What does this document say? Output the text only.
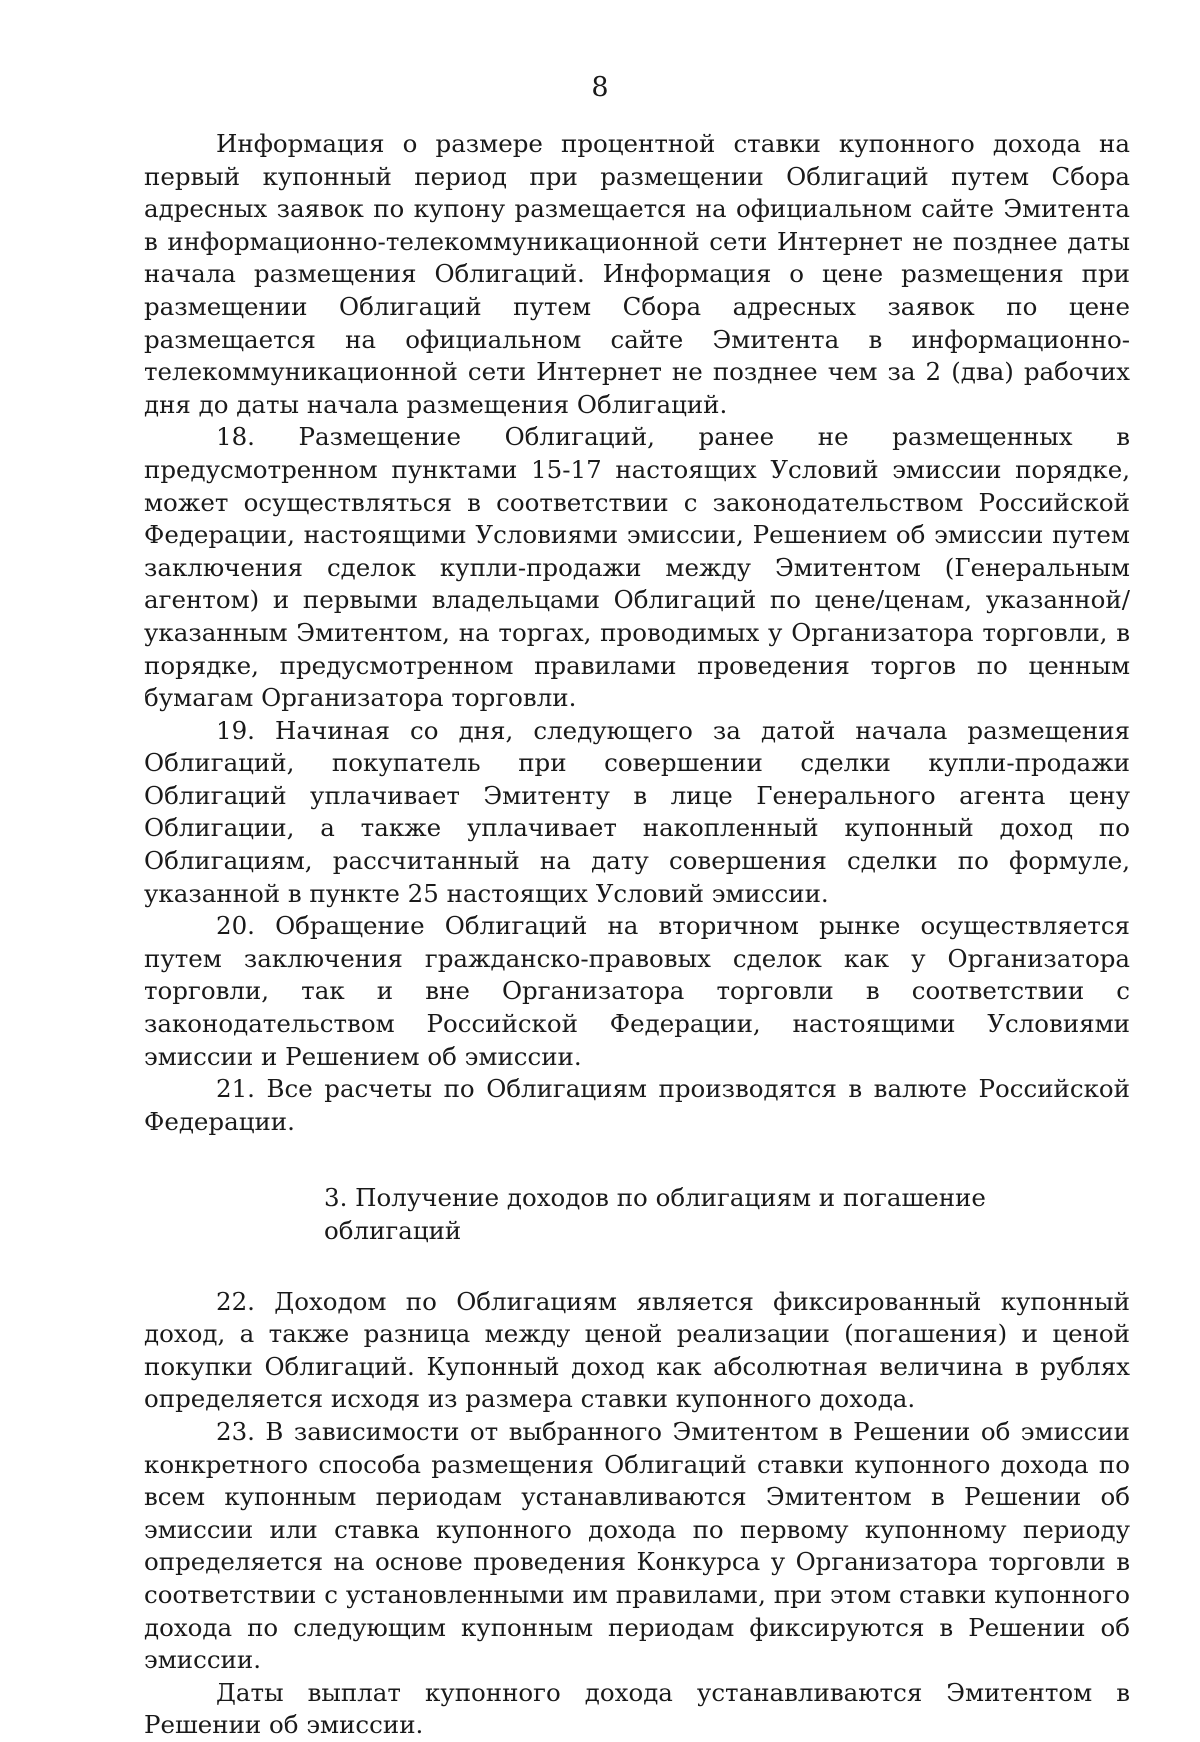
8

Информация о размере процентной ставки купонного дохода на первый купонный период при размещении Облигаций путем Сбора адресных заявок по купону размещается на официальном сайте Эмитента в информационно-телекоммуникационной сети Интернет не позднее даты начала размещения Облигаций. Информация о цене размещения при размещении Облигаций путем Сбора адресных заявок по цене размещается на официальном сайте Эмитента в информационно-телекоммуникационной сети Интернет не позднее чем за 2 (два) рабочих дня до даты начала размещения Облигаций.

18. Размещение Облигаций, ранее не размещенных в предусмотренном пунктами 15-17 настоящих Условий эмиссии порядке, может осуществляться в соответствии с законодательством Российской Федерации, настоящими Условиями эмиссии, Решением об эмиссии путем заключения сделок купли-продажи между Эмитентом (Генеральным агентом) и первыми владельцами Облигаций по цене/ценам, указанной/указанным Эмитентом, на торгах, проводимых у Организатора торговли, в порядке, предусмотренном правилами проведения торгов по ценным бумагам Организатора торговли.

19. Начиная со дня, следующего за датой начала размещения Облигаций, покупатель при совершении сделки купли-продажи Облигаций уплачивает Эмитенту в лице Генерального агента цену Облигации, а также уплачивает накопленный купонный доход по Облигациям, рассчитанный на дату совершения сделки по формуле, указанной в пункте 25 настоящих Условий эмиссии.

20. Обращение Облигаций на вторичном рынке осуществляется путем заключения гражданско-правовых сделок как у Организатора торговли, так и вне Организатора торговли в соответствии с законодательством Российской Федерации, настоящими Условиями эмиссии и Решением об эмиссии.

21. Все расчеты по Облигациям производятся в валюте Российской Федерации.

3. Получение доходов по облигациям и погашение облигаций

22. Доходом по Облигациям является фиксированный купонный доход, а также разница между ценой реализации (погашения) и ценой покупки Облигаций. Купонный доход как абсолютная величина в рублях определяется исходя из размера ставки купонного дохода.

23. В зависимости от выбранного Эмитентом в Решении об эмиссии конкретного способа размещения Облигаций ставки купонного дохода по всем купонным периодам устанавливаются Эмитентом в Решении об эмиссии или ставка купонного дохода по первому купонному периоду определяется на основе проведения Конкурса у Организатора торговли в соответствии с установленными им правилами, при этом ставки купонного дохода по следующим купонным периодам фиксируются в Решении об эмиссии.

Даты выплат купонного дохода устанавливаются Эмитентом в Решении об эмиссии.
